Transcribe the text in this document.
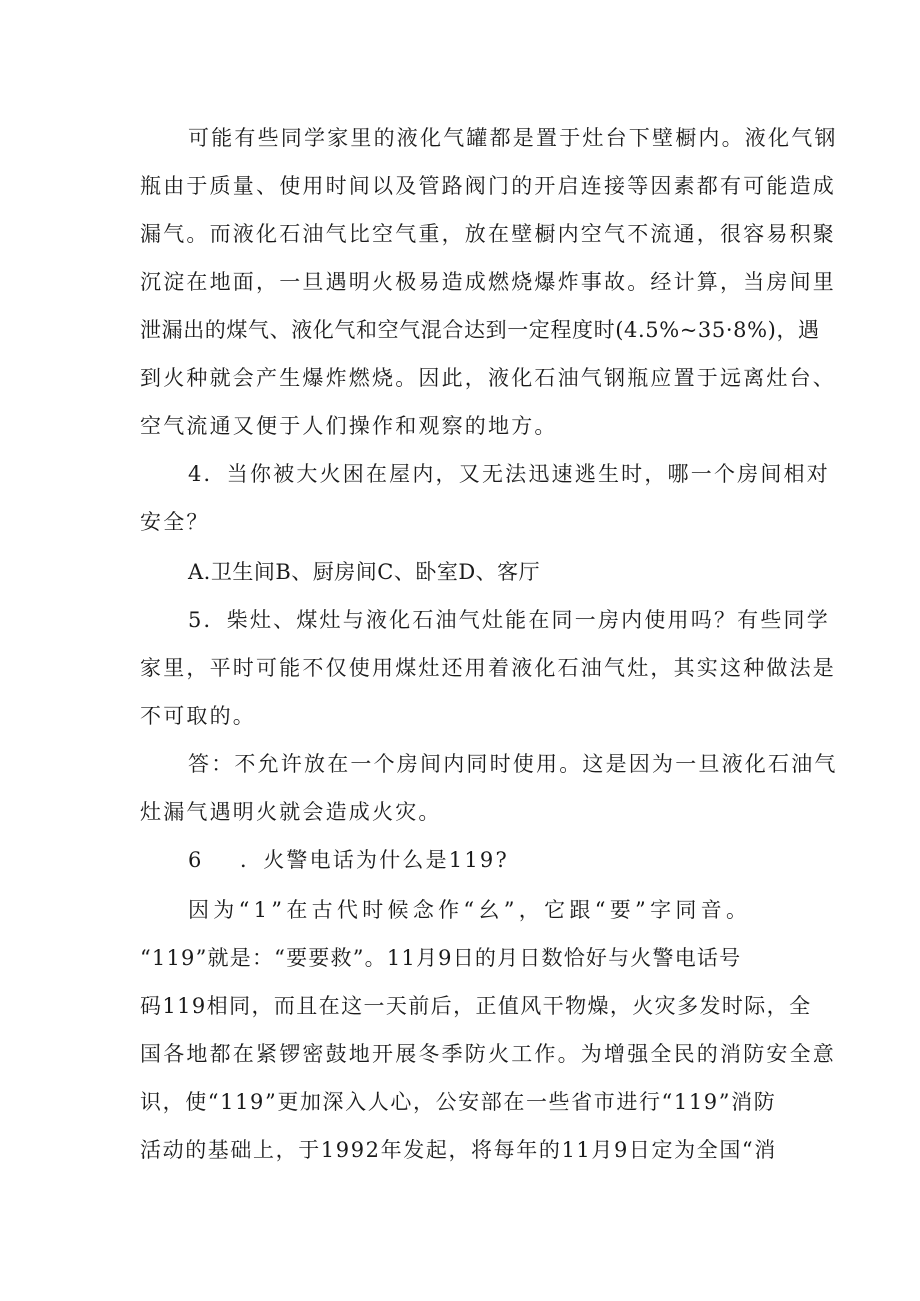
可能有些同学家里的液化气罐都是置于灶台下壁橱内。液化气钢
瓶由于质量、使用时间以及管路阀门的开启连接等因素都有可能造成
漏气。而液化石油气比空气重，放在壁橱内空气不流通，很容易积聚
沉淀在地面，一旦遇明火极易造成燃烧爆炸事故。经计算，当房间里
泄漏出的煤气、液化气和空气混合达到一定程度时(4.5%~35·8%)，遇
到火种就会产生爆炸燃烧。因此，液化石油气钢瓶应置于远离灶台、
空气流通又便于人们操作和观察的地方。
4．当你被大火困在屋内，又无法迅速逃生时，哪一个房间相对
安全？
A.卫生间B、厨房间C、卧室D、客厅
5．柴灶、煤灶与液化石油气灶能在同一房内使用吗？有些同学
家里，平时可能不仅使用煤灶还用着液化石油气灶，其实这种做法是
不可取的。
答：不允许放在一个房间内同时使用。这是因为一旦液化石油气
灶漏气遇明火就会造成火灾。
6 ．火警电话为什么是119?
因为“1”在古代时候念作“幺”，它跟“要”字同音。
“119”就是：“要要救”。11月9日的月日数恰好与火警电话号
码119相同，而且在这一天前后，正值风干物燥，火灾多发时际，全
国各地都在紧锣密鼓地开展冬季防火工作。为增强全民的消防安全意
识，使“119”更加深入人心，公安部在一些省市进行“119”消防
活动的基础上，于1992年发起，将每年的11月9日定为全国“消
